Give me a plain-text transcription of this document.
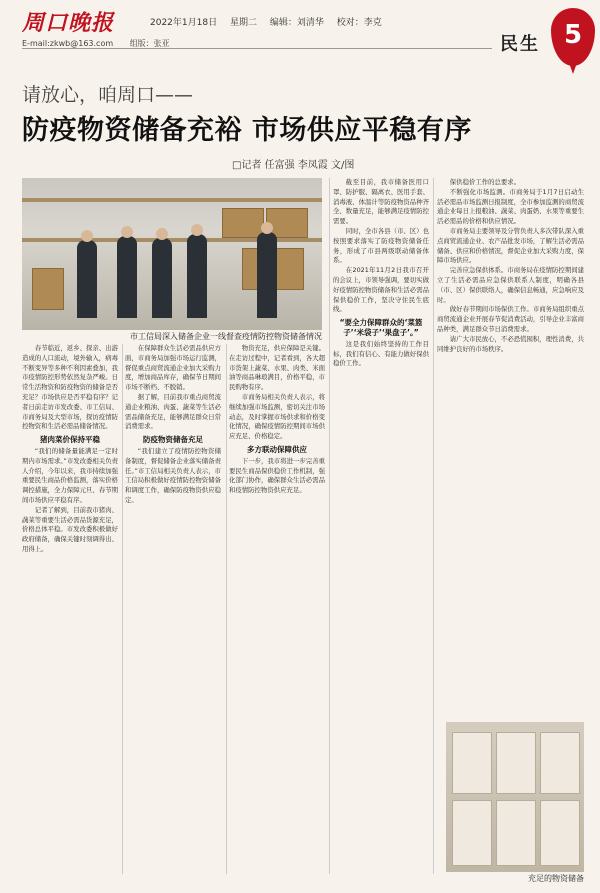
周口晚报	2022年1月18日 星期二 编辑：刘清华 校对：李克
E-mail:zkwb@163.com 组版：张亚	民生 5
请放心，咱周口——
防疫物资储备充裕 市场供应平稳有序
□记者 任富强 李凤霞 文/图
市工信局深入储备企业一线督查疫情防控物资储备情况

春节临近，返乡、探亲、出游造成的人口流动，境外输入，病毒不断变异等多种不利因素叠加，我市疫情防控形势依然复杂严峻。日常生活物资和防疫物资的储备是否充足？市场供应是否平稳有序？记者日前走访市发改委、市工信局、市商务局及大型市场，探访疫情防控物资和生活必需品储备情况。

猪肉菜价保持平稳

“我们的储备量能满足一定时期内市场需求。”市发改委相关负责人介绍，今年以来，我市持续加强重要民生商品价格监测，落实价格调控措施，全力保障元旦、春节期间市场供应平稳有序。

记者了解到，目前我市猪肉、蔬菜等重要生活必需品货源充足，价格总体平稳。市发改委积极做好政府储备，确保关键时刻调得出、用得上。

在保障群众生活必需品供应方面，市商务局加强市场运行监测，督促重点商贸流通企业加大采购力度，增加商品库存，确保节日期间市场不断档、不脱销。

据了解，目前我市重点商贸流通企业粮油、肉蛋、蔬菜等生活必需品储备充足，能够满足群众日常消费需求。

防疫物资储备充足

“我们建立了疫情防控物资储备制度，督促储备企业落实储备责任。”市工信局相关负责人表示，市工信局积极做好疫情防控物资储备和调度工作，确保防疫物资供应稳定。

物资充足，供应保障是关键。在走访过程中，记者看到，各大超市货架上蔬菜、水果、肉类、米面油等商品琳琅满目，价格平稳，市民购物有序。

市商务局相关负责人表示，将继续加强市场监测，密切关注市场动态，及时掌握市场供求和价格变化情况，确保疫情防控期间市场供应充足、价格稳定。

多方联动保障供应

下一步，我市将进一步完善重要民生商品保供稳价工作机制，强化部门协作，确保群众生活必需品和疫情防控物资供应充足。

截至目前，我市储备医用口罩、防护服、隔离衣、医用手套、消毒液、体温计等防疫物资品种齐全、数量充足，能够满足疫情防控需要。

同时，全市各县（市、区）也按照要求落实了防疫物资储备任务，形成了市县两级联动储备体系。

在2021年11月2日我市召开的会议上，市领导强调，要切实做好疫情防控物资储备和生活必需品保供稳价工作，坚决守住民生底线。

“要全力保障群众的‘菜篮子’‘米袋子’‘果盘子’。”

这是我们始终坚持的工作目标，我们有信心、有能力做好保供稳价工作。

保供稳价工作的总要求。

不断强化市场监测。市商务局于1月7日启动生活必需品市场监测日报制度，全市参加监测的商贸流通企业每日上报粮油、蔬菜、肉蛋奶、水果等重要生活必需品的价格和供应情况。

市商务局主要领导及分管负责人多次带队深入重点商贸流通企业、农产品批发市场，了解生活必需品储备、供应和价格情况，督促企业加大采购力度，保障市场供应。

完善应急保供体系。市商务局在疫情防控期间建立了生活必需品应急保供联系人制度，明确各县（市、区）保供联络人，确保信息畅通，应急响应及时。

做好春节期间市场保供工作。市商务局组织重点商贸流通企业开展春节促消费活动，引导企业丰富商品种类，满足群众节日消费需求。

请广大市民放心，不必恐慌囤积，理性消费，共同维护良好的市场秩序。

充足的物资储备
